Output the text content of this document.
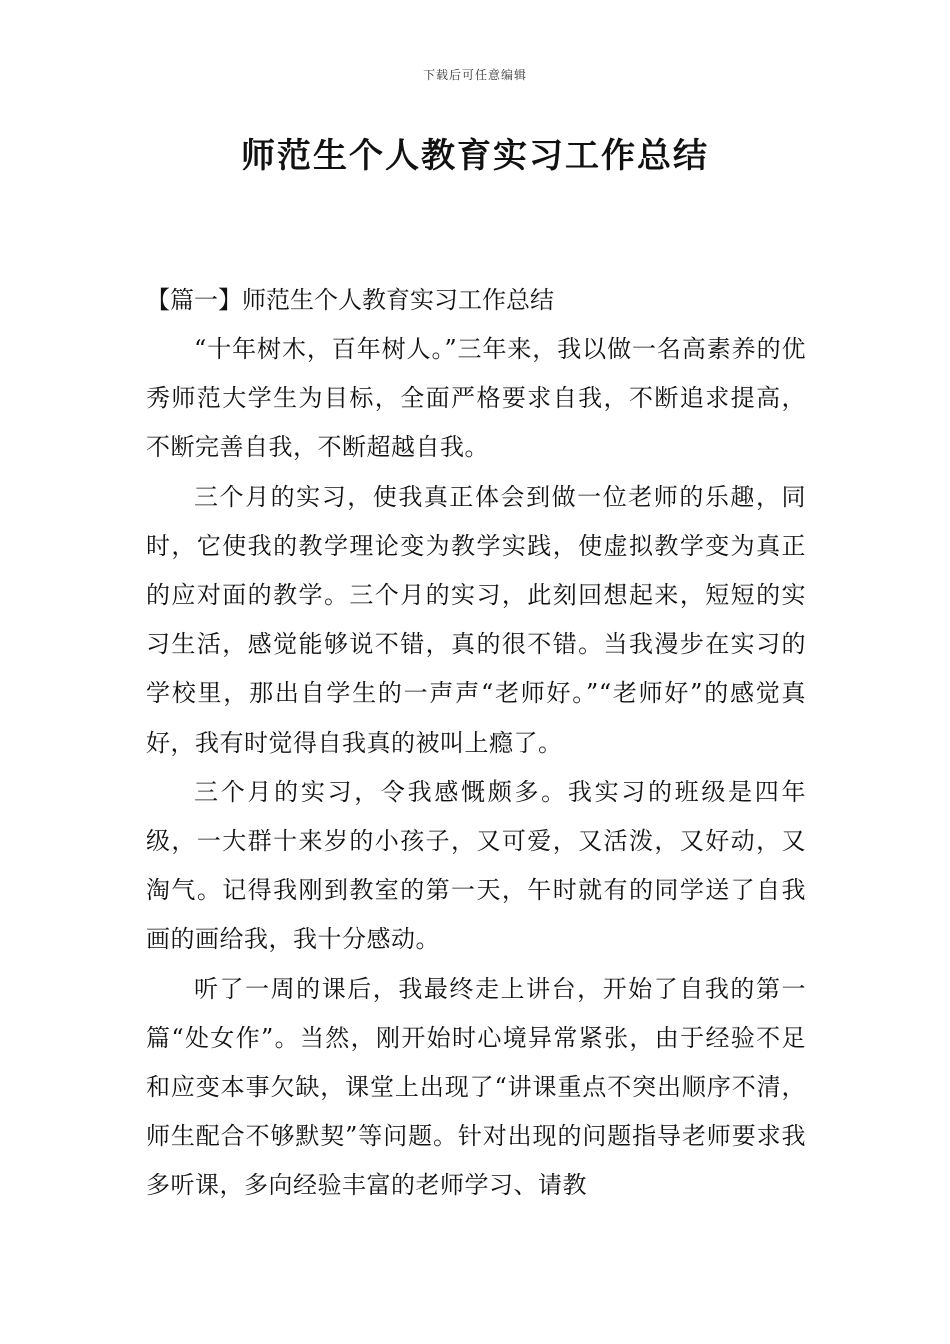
下载后可任意编辑
师范生个人教育实习工作总结
【篇一】师范生个人教育实习工作总结

“十年树木，百年树人。”三年来，我以做一名高素养的优秀师范大学生为目标，全面严格要求自我，不断追求提高，不断完善自我，不断超越自我。

三个月的实习，使我真正体会到做一位老师的乐趣，同时，它使我的教学理论变为教学实践，使虚拟教学变为真正的应对面的教学。三个月的实习，此刻回想起来，短短的实习生活，感觉能够说不错，真的很不错。当我漫步在实习的学校里，那出自学生的一声声“老师好。”“老师好”的感觉真好，我有时觉得自我真的被叫上瘾了。

三个月的实习，令我感慨颇多。我实习的班级是四年级，一大群十来岁的小孩子，又可爱，又活泼，又好动，又淘气。记得我刚到教室的第一天，午时就有的同学送了自我画的画给我，我十分感动。

听了一周的课后，我最终走上讲台，开始了自我的第一篇“处女作”。当然，刚开始时心境异常紧张，由于经验不足和应变本事欠缺，课堂上出现了“讲课重点不突出顺序不清，师生配合不够默契”等问题。针对出现的问题指导老师要求我多听课，多向经验丰富的老师学习、请教
